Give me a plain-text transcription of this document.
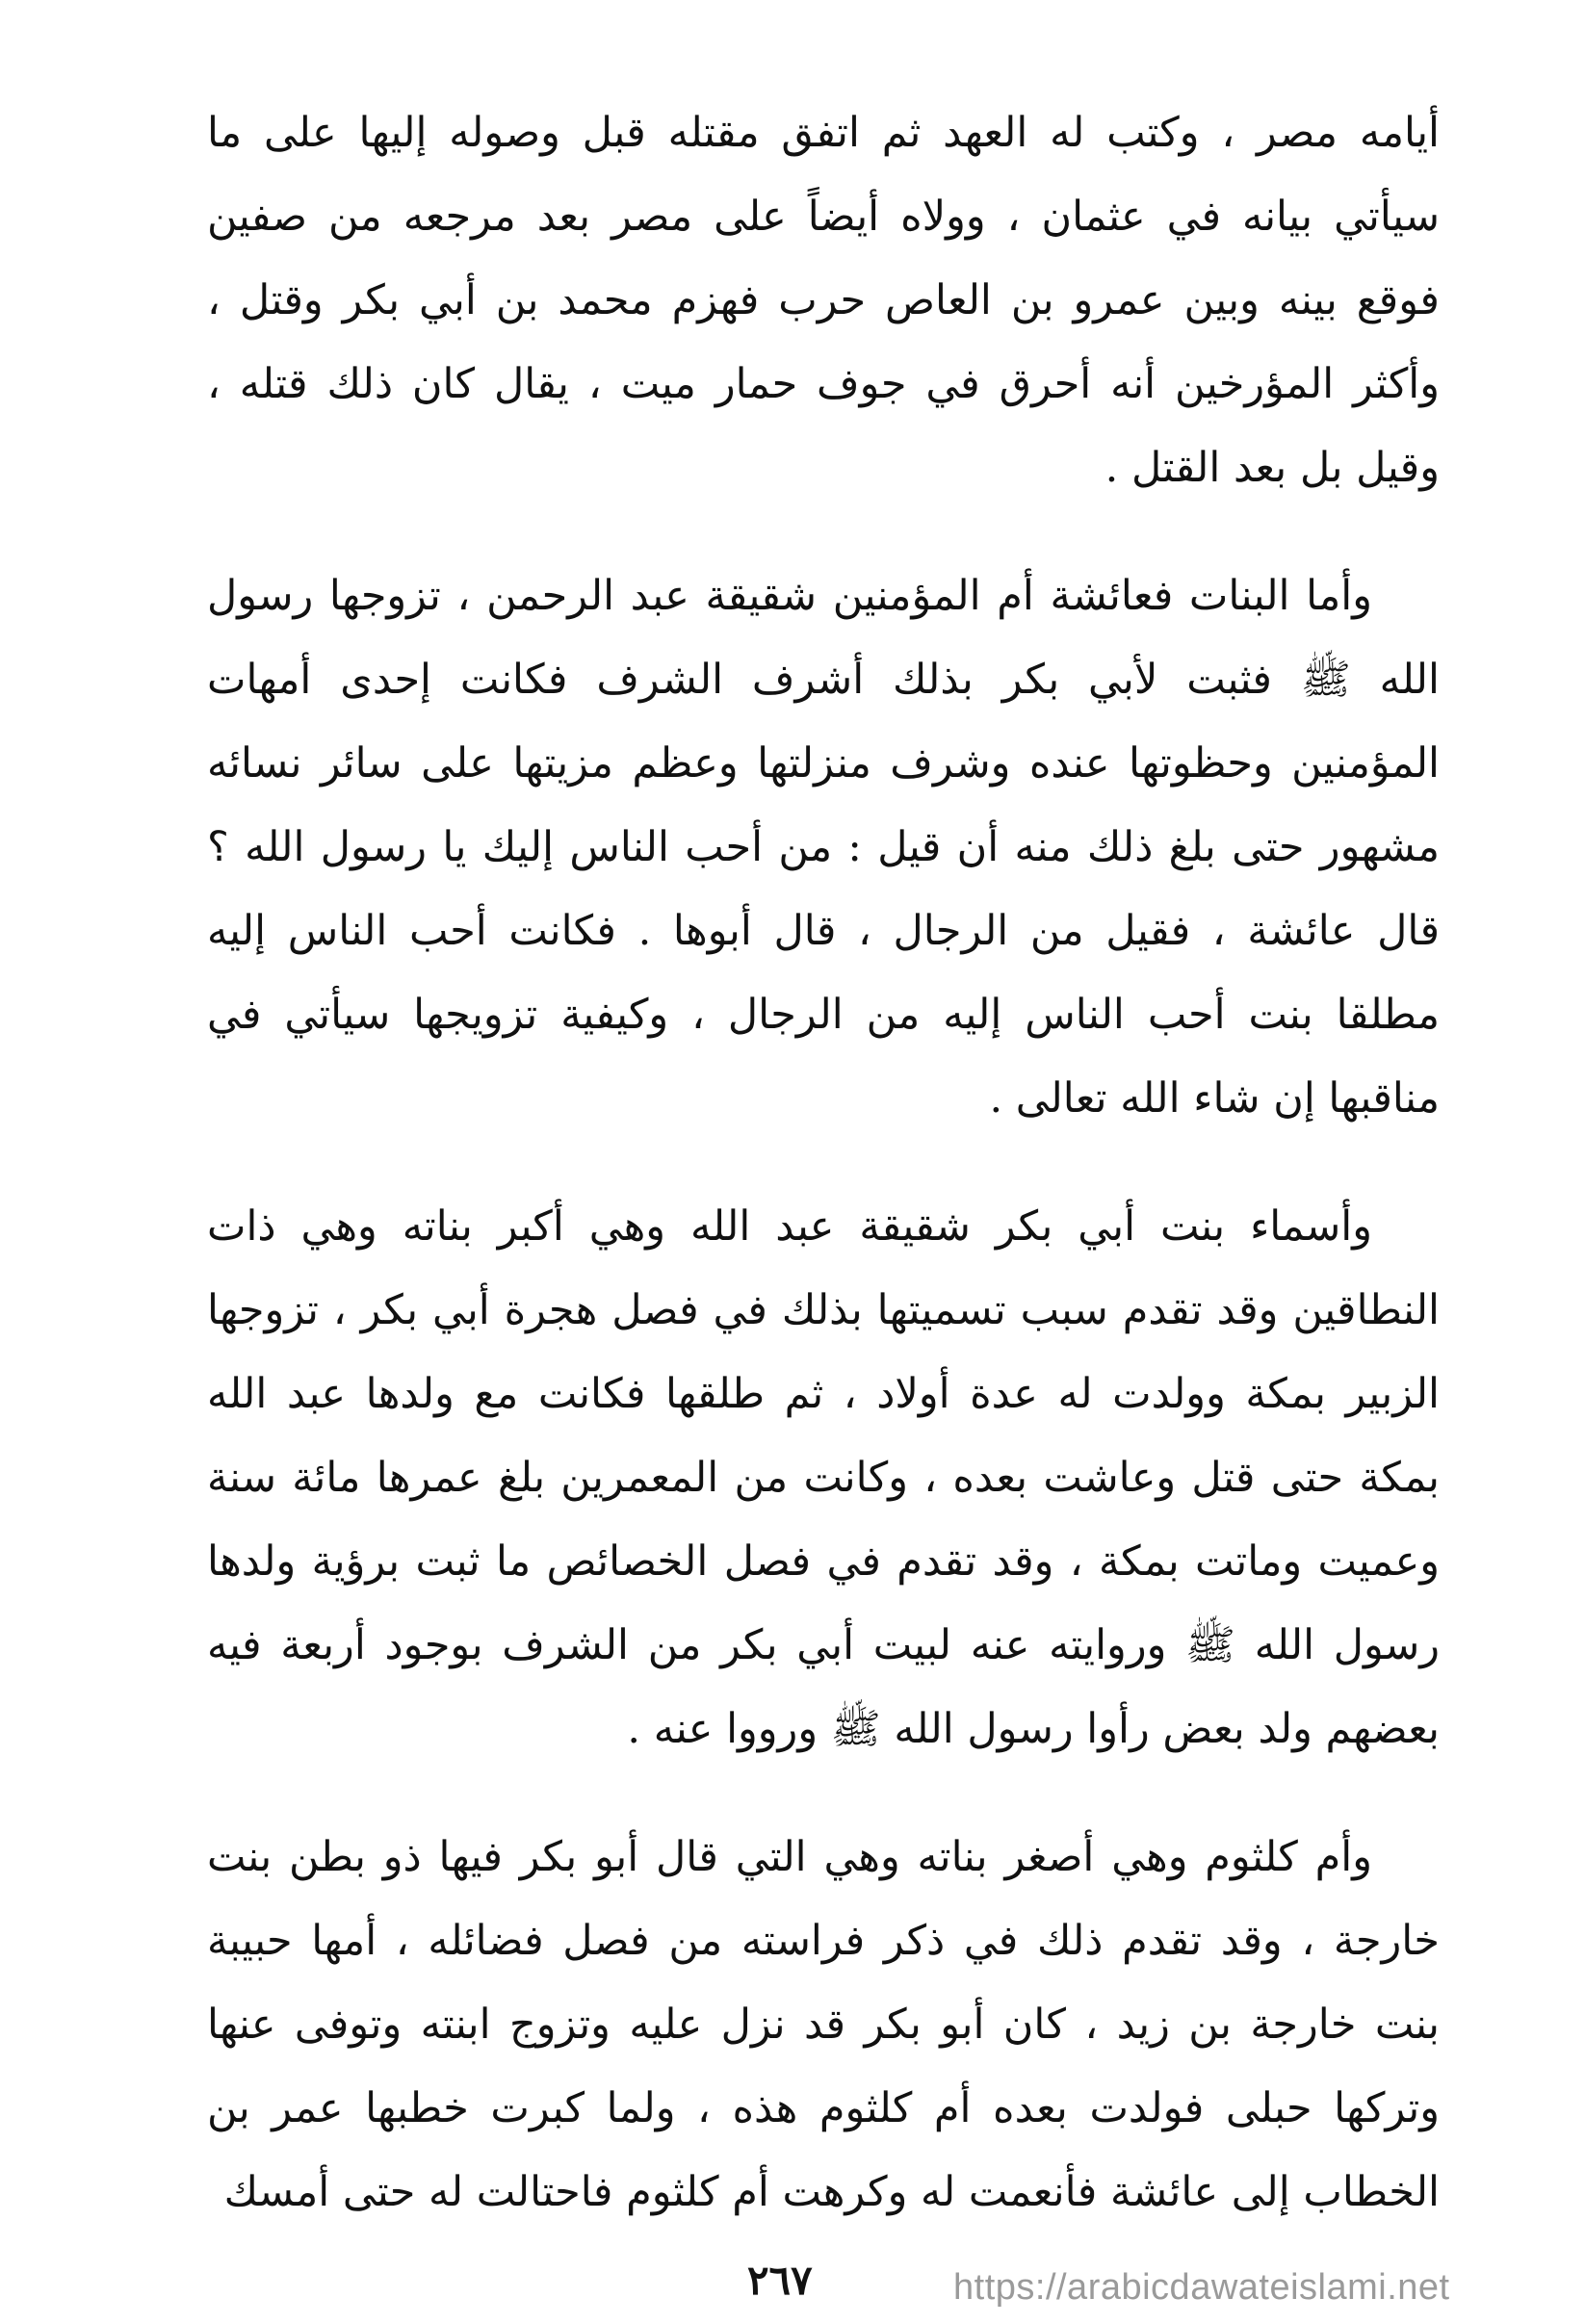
أيامه مصر ، وكتب له العهد ثم اتفق مقتله قبل وصوله إليها على ما سيأتي بيانه في عثمان ، وولاه أيضاً على مصر بعد مرجعه من صفين فوقع بينه وبين عمرو بن العاص حرب فهزم محمد بن أبي بكر وقتل ، وأكثر المؤرخين أنه أحرق في جوف حمار ميت ، يقال كان ذلك قتله ، وقيل بل بعد القتل .

وأما البنات فعائشة أم المؤمنين شقيقة عبد الرحمن ، تزوجها رسول الله ﷺ فثبت لأبي بكر بذلك أشرف الشرف فكانت إحدى أمهات المؤمنين وحظوتها عنده وشرف منزلتها وعظم مزيتها على سائر نسائه مشهور حتى بلغ ذلك منه أن قيل : من أحب الناس إليك يا رسول الله ؟ قال عائشة ، فقيل من الرجال ، قال أبوها . فكانت أحب الناس إليه مطلقا بنت أحب الناس إليه من الرجال ، وكيفية تزويجها سيأتي في مناقبها إن شاء الله تعالى .

وأسماء بنت أبي بكر شقيقة عبد الله وهي أكبر بناته وهي ذات النطاقين وقد تقدم سبب تسميتها بذلك في فصل هجرة أبي بكر ، تزوجها الزبير بمكة وولدت له عدة أولاد ، ثم طلقها فكانت مع ولدها عبد الله بمكة حتى قتل وعاشت بعده ، وكانت من المعمرين بلغ عمرها مائة سنة وعميت وماتت بمكة ، وقد تقدم في فصل الخصائص ما ثبت برؤية ولدها رسول الله ﷺ وروايته عنه لبيت أبي بكر من الشرف بوجود أربعة فيه بعضهم ولد بعض رأوا رسول الله ﷺ ورووا عنه .

وأم كلثوم وهي أصغر بناته وهي التي قال أبو بكر فيها ذو بطن بنت خارجة ، وقد تقدم ذلك في ذكر فراسته من فصل فضائله ، أمها حبيبة بنت خارجة بن زيد ، كان أبو بكر قد نزل عليه وتزوج ابنته وتوفى عنها وتركها حبلى فولدت بعده أم كلثوم هذه ، ولما كبرت خطبها عمر بن الخطاب إلى عائشة فأنعمت له وكرهت أم كلثوم فاحتالت له حتى أمسك

٢٦٧	https://arabicdawateislami.net
